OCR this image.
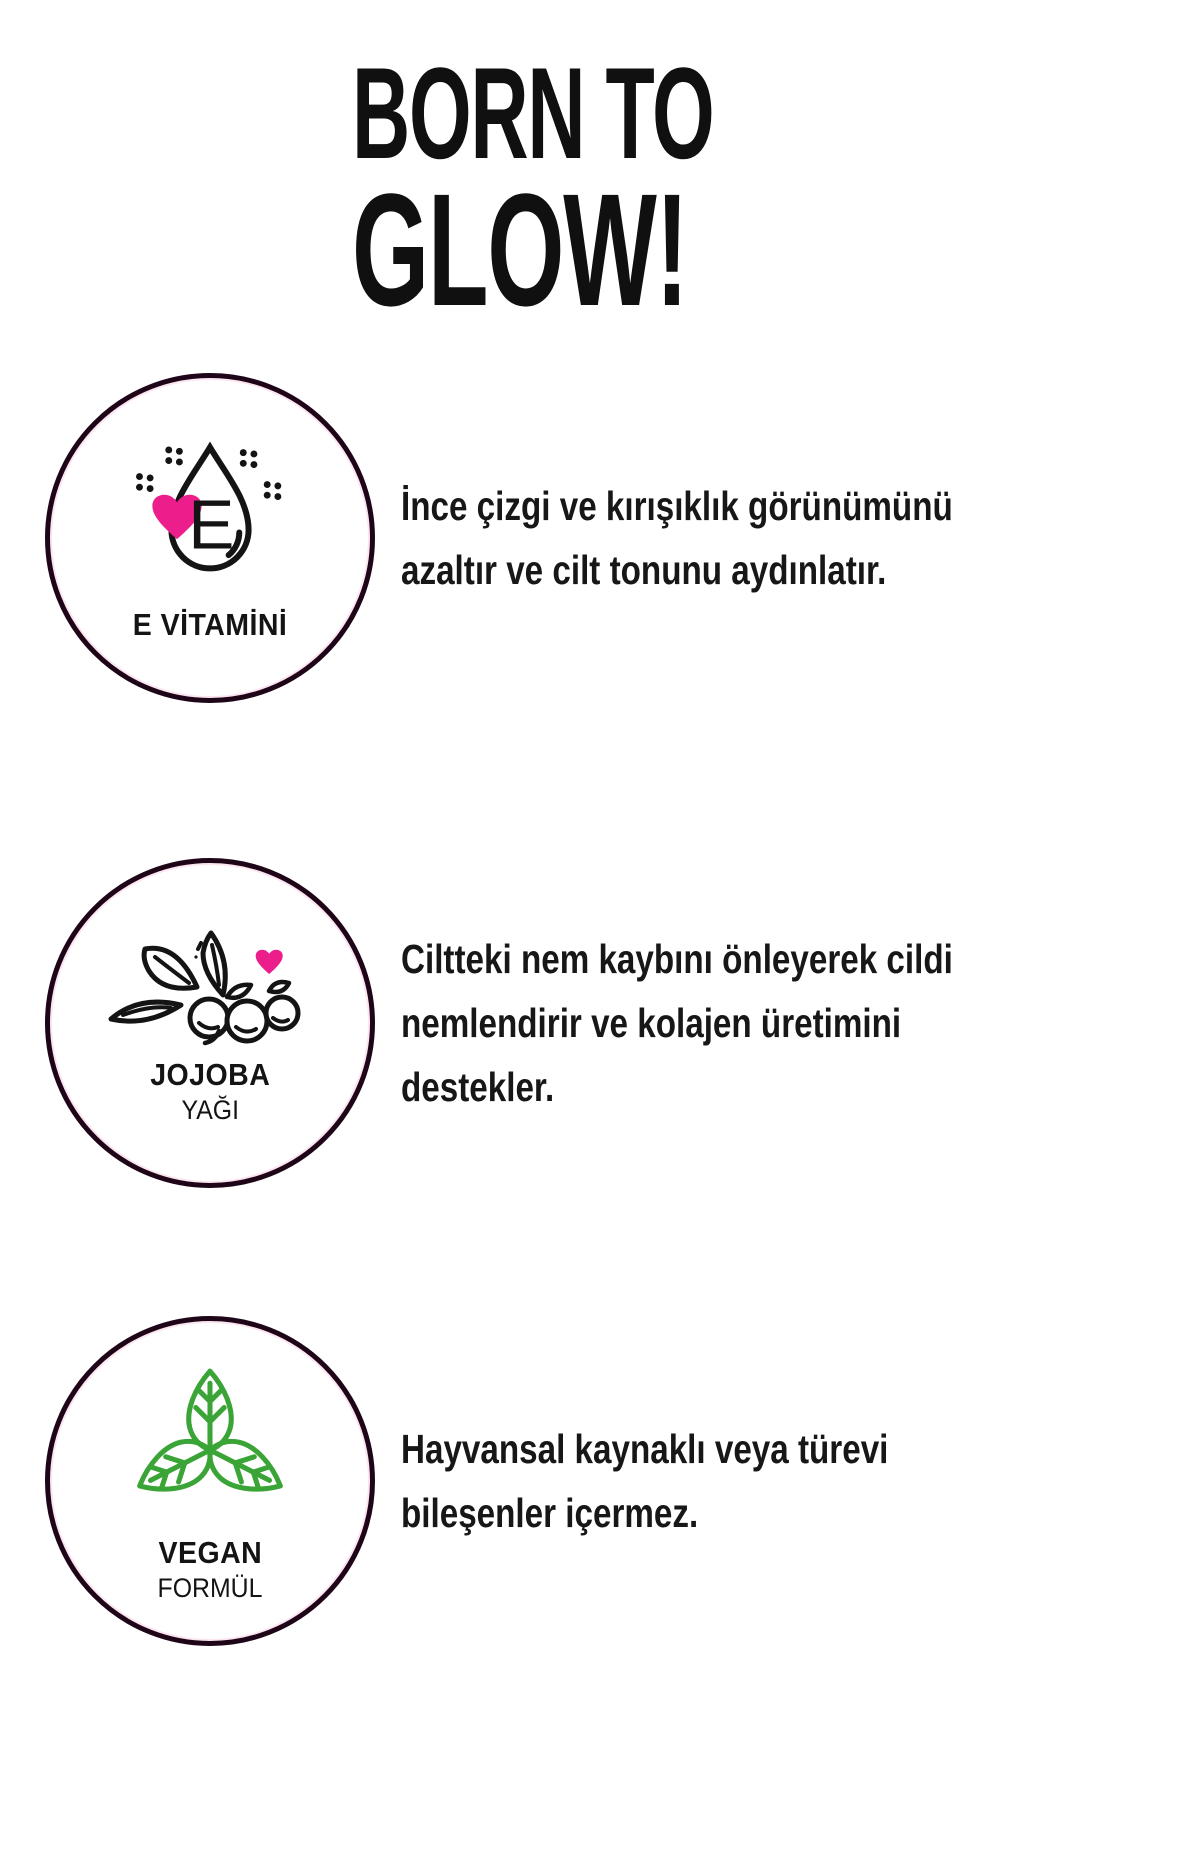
BORN TO
GLOW!
E
E VİTAMİNİ
İnce çizgi ve kırışıklık görünümünü
azaltır ve cilt tonunu aydınlatır.
JOJOBA
YAĞI
Ciltteki nem kaybını önleyerek cildi
nemlendirir ve kolajen üretimini
destekler.
VEGAN
FORMÜL
Hayvansal kaynaklı veya türevi
bileşenler içermez.
